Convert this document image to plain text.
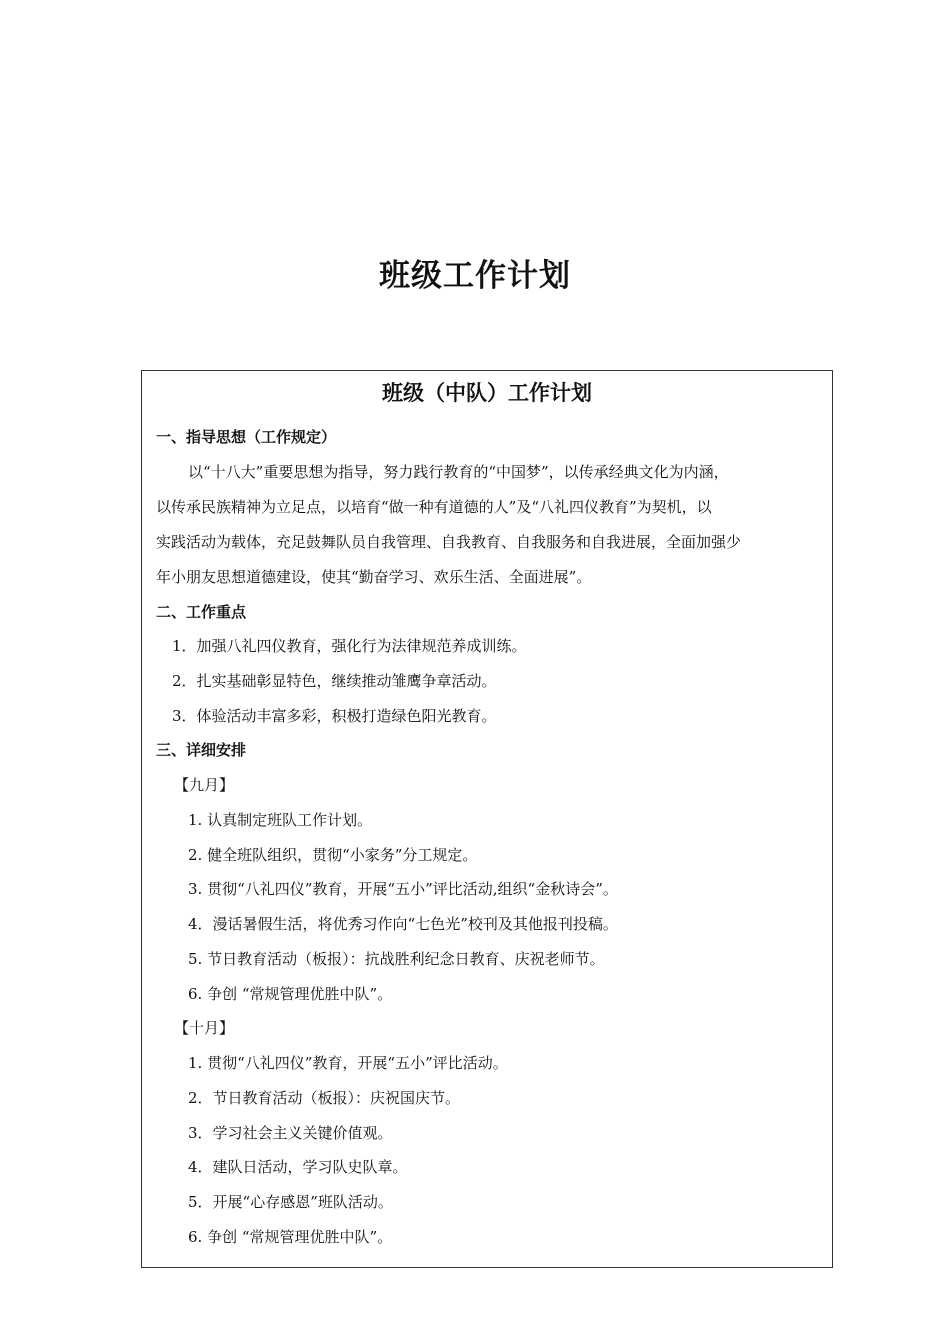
班级工作计划
班级（中队）工作计划
一、指导思想（工作规定）
以“十八大”重要思想为指导，努力践行教育的“中国梦”，以传承经典文化为内涵，
以传承民族精神为立足点，以培育“做一种有道德的人”及“八礼四仪教育”为契机，以
实践活动为载体，充足鼓舞队员自我管理、自我教育、自我服务和自我进展，全面加强少
年小朋友思想道德建设，使其“勤奋学习、欢乐生活、全面进展”。
二、工作重点
1．加强八礼四仪教育，强化行为法律规范养成训练。
2．扎实基础彰显特色，继续推动雏鹰争章活动。
3．体验活动丰富多彩，积极打造绿色阳光教育。
三、详细安排
【九月】
1. 认真制定班队工作计划。
2. 健全班队组织，贯彻“小家务”分工规定。
3. 贯彻“八礼四仪”教育，开展“五小”评比活动,组织“金秋诗会”。
4．漫话暑假生活，将优秀习作向“七色光”校刊及其他报刊投稿。
5. 节日教育活动（板报）：抗战胜利纪念日教育、庆祝老师节。
6. 争创 “常规管理优胜中队”。
【十月】
1. 贯彻“八礼四仪”教育，开展“五小”评比活动。
2．节日教育活动（板报）：庆祝国庆节。
3．学习社会主义关键价值观。
4．建队日活动，学习队史队章。
5．开展“心存感恩”班队活动。
6. 争创 “常规管理优胜中队”。
